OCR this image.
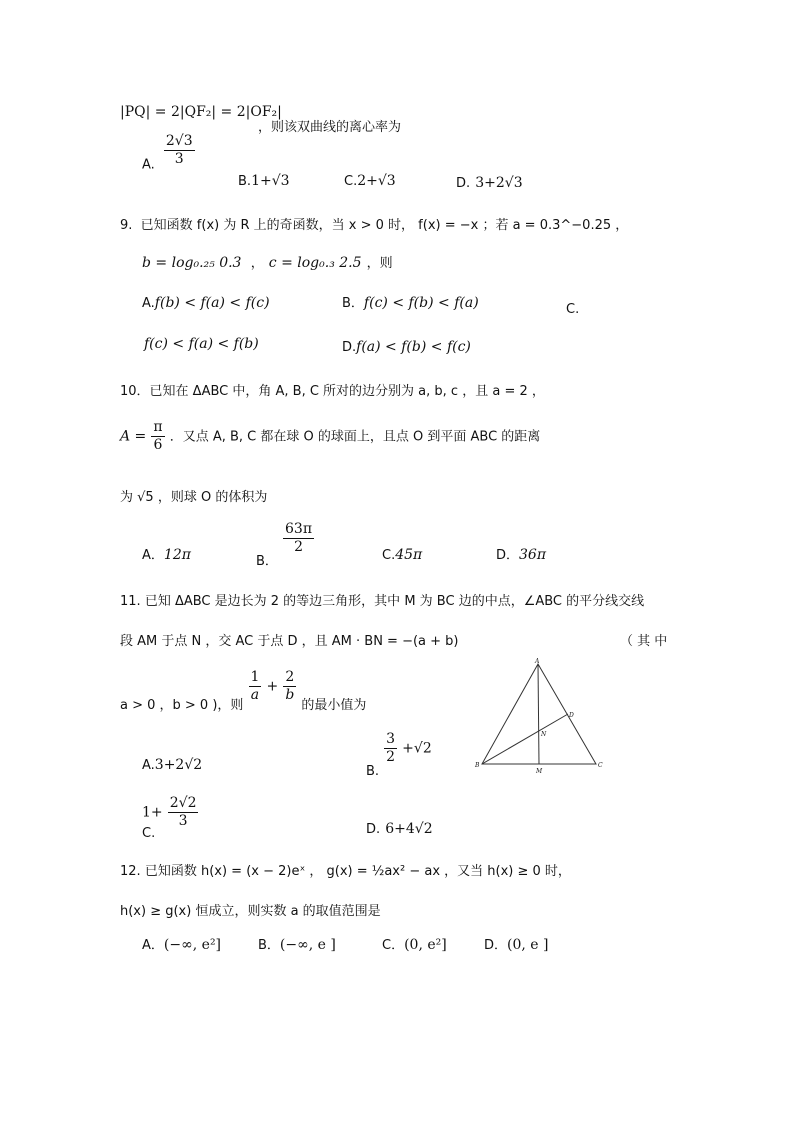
|PQ| = 2|QF₂| = 2|OF₂|
，则该双曲线的离心率为
A. $\frac{2√3}{3}$
B.1+√3	C.2+√3	D. 3+2√3
9. 已知函数 f(x) 为 R 上的奇函数，当 x > 0 时， f(x) = −x ；若 a = 0.3^−0.25 ，
b = log₀.₂₅ 0.3  ， c = log₀.₃ 2.5 ，则
A.f(b) < f(a) < f(c)	B．f(c) < f(b) < f(a)	C.
f(c) < f(a) < f(b)	D.f(a) < f(b) < f(c)
10．已知在 ΔABC 中，角 A, B, C 所对的边分别为 a, b, c ，且 a = 2 ，
$A = \frac{\pi}{6}$ ．又点 A, B, C 都在球 O 的球面上，且点 O 到平面 ABC 的距离
为 √5 ，则球 O 的体积为
A．12π	$_{B.}$
$\frac{63\pi}{2}$
C.45π	D．36π
11. 已知 ΔABC 是边长为 2 的等边三角形，其中 M 为 BC 边的中点，∠ABC 的平分线交线
段 AM 于点 N ，交 AC 于点 D ，且 AM · BN = −(a + b)	（ 其 中
$_{a > 0 ,b > 0 ),则}$
$\frac{1}{a} + \frac{2}{b}$
$_{的最小值为}$
A.3+2√2	$_{B.}$
$\frac{3}{2} +√2$
$1+ \frac{2√2}{3}$
C.	D. 6+4√2
A
B	C
D
M
N
12. 已知函数 h(x) = (x − 2)eˣ ， g(x) = ½ax² − ax ，又当 h(x) ≥ 0 时，
h(x) ≥ g(x) 恒成立，则实数 a 的取值范围是
A．(−∞, e²]	B．(−∞, e ]	C．(0, e²]	D．(0, e ]
